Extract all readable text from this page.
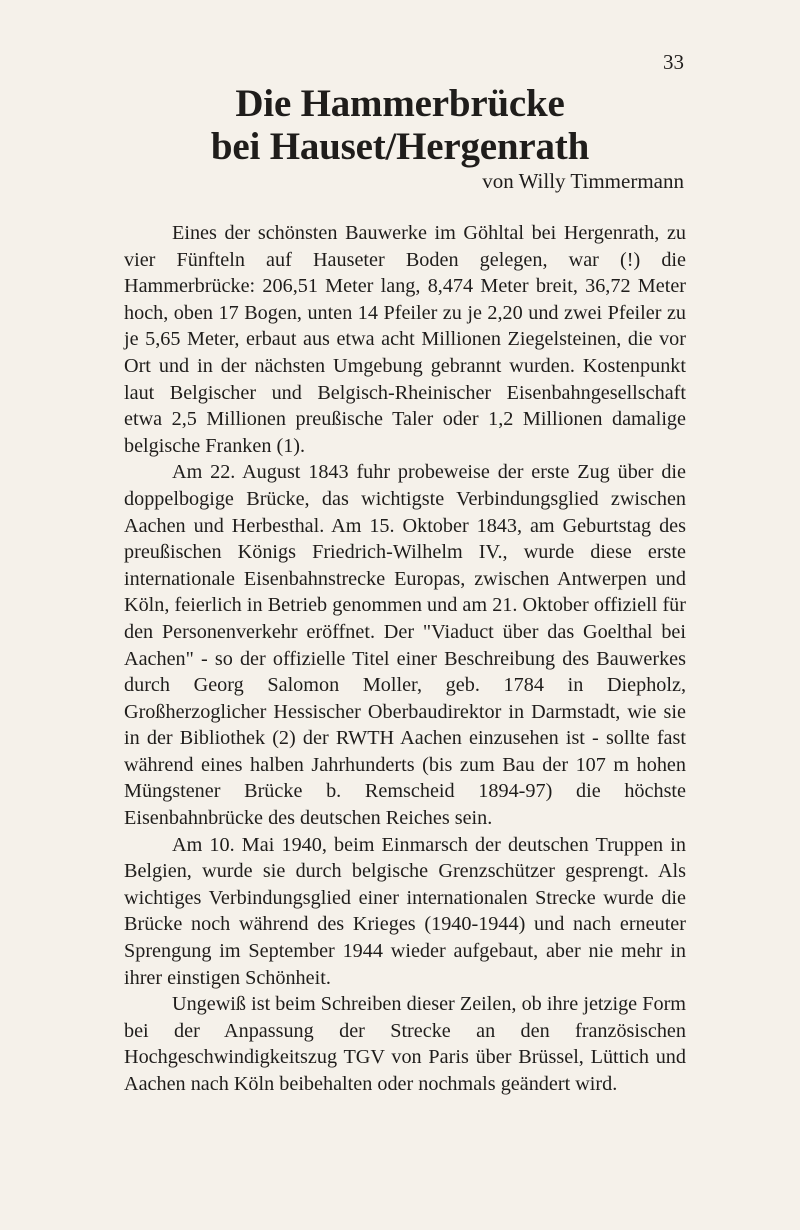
33
Die Hammerbrücke
bei Hauset/Hergenrath
von Willy Timmermann

Eines der schönsten Bauwerke im Göhltal bei Hergenrath, zu vier Fünfteln auf Hauseter Boden gelegen, war (!) die Hammerbrücke: 206,51 Meter lang, 8,474 Meter breit, 36,72 Meter hoch, oben 17 Bogen, unten 14 Pfeiler zu je 2,20 und zwei Pfeiler zu je 5,65 Meter, erbaut aus etwa acht Millionen Ziegelsteinen, die vor Ort und in der nächsten Umgebung gebrannt wurden. Kostenpunkt laut Belgischer und Belgisch-Rheinischer Eisenbahngesellschaft etwa 2,5 Millionen preußische Taler oder 1,2 Millionen damalige belgische Franken (1).

Am 22. August 1843 fuhr probeweise der erste Zug über die doppelbogige Brücke, das wichtigste Verbindungsglied zwischen Aachen und Herbesthal. Am 15. Oktober 1843, am Geburtstag des preußischen Königs Friedrich-Wilhelm IV., wurde diese erste internationale Eisenbahnstrecke Europas, zwischen Antwerpen und Köln, feierlich in Betrieb genommen und am 21. Oktober offiziell für den Personenverkehr eröffnet. Der "Viaduct über das Goelthal bei Aachen" - so der offizielle Titel einer Beschreibung des Bauwerkes durch Georg Salomon Moller, geb. 1784 in Diepholz, Großherzoglicher Hessischer Oberbaudirektor in Darmstadt, wie sie in der Bibliothek (2) der RWTH Aachen einzusehen ist - sollte fast während eines halben Jahrhunderts (bis zum Bau der 107 m hohen Müngstener Brücke b. Remscheid 1894-97) die höchste Eisenbahnbrücke des deutschen Reiches sein.

Am 10. Mai 1940, beim Einmarsch der deutschen Truppen in Belgien, wurde sie durch belgische Grenzschützer gesprengt. Als wichtiges Verbindungsglied einer internationalen Strecke wurde die Brücke noch während des Krieges (1940-1944) und nach erneuter Sprengung im September 1944 wieder aufgebaut, aber nie mehr in ihrer einstigen Schönheit.

Ungewiß ist beim Schreiben dieser Zeilen, ob ihre jetzige Form bei der Anpassung der Strecke an den französischen Hochgeschwindigkeitszug TGV von Paris über Brüssel, Lüttich und Aachen nach Köln beibehalten oder nochmals geändert wird.
